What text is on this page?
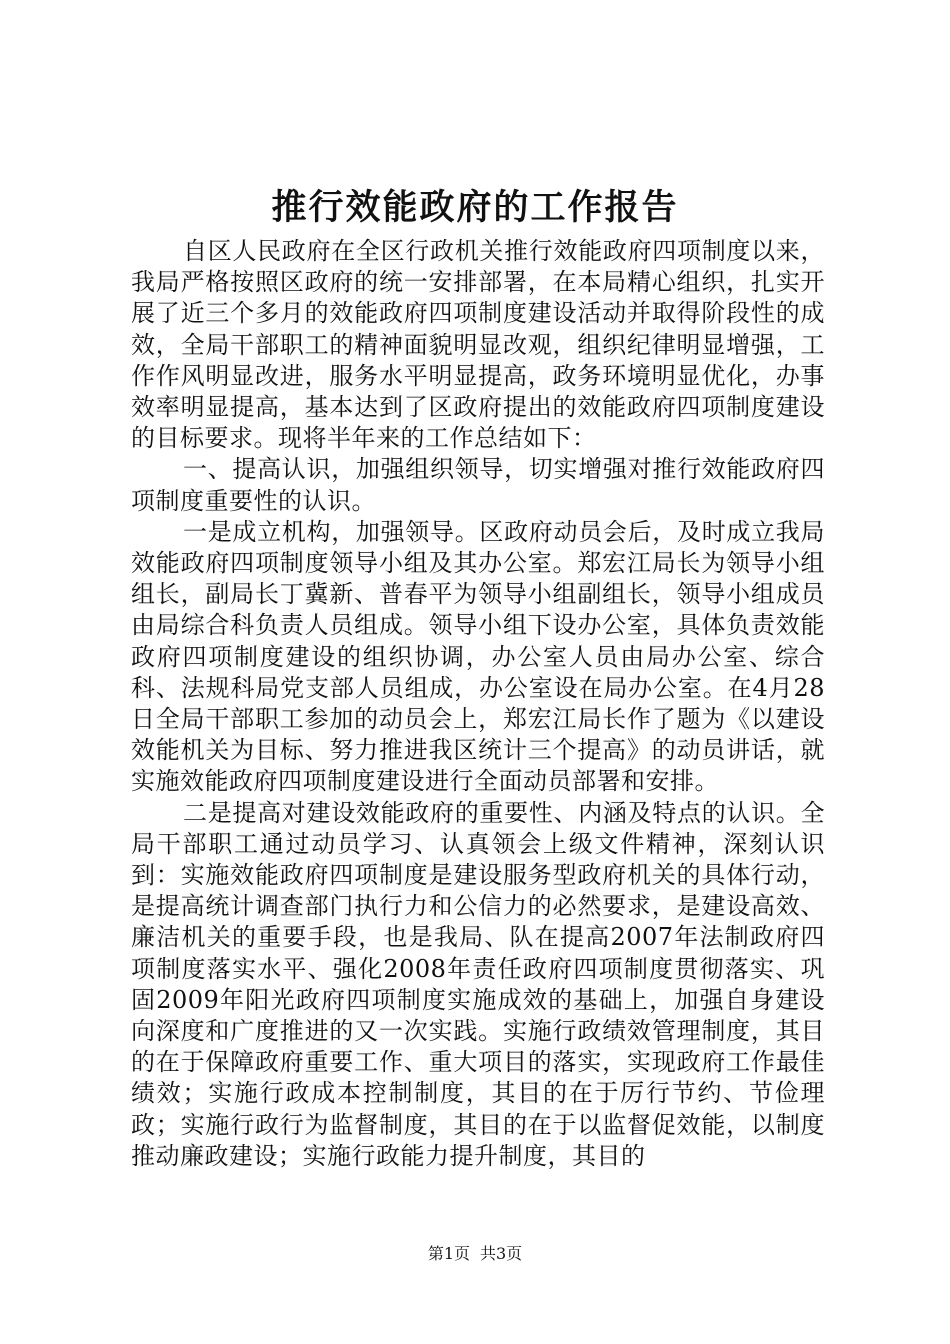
推行效能政府的工作报告

自区人民政府在全区行政机关推行效能政府四项制度以来，我局严格按照区政府的统一安排部署，在本局精心组织，扎实开展了近三个多月的效能政府四项制度建设活动并取得阶段性的成效，全局干部职工的精神面貌明显改观，组织纪律明显增强，工作作风明显改进，服务水平明显提高，政务环境明显优化，办事效率明显提高，基本达到了区政府提出的效能政府四项制度建设的目标要求。现将半年来的工作总结如下：

一、提高认识，加强组织领导，切实增强对推行效能政府四项制度重要性的认识。

一是成立机构，加强领导。区政府动员会后，及时成立我局效能政府四项制度领导小组及其办公室。郑宏江局长为领导小组组长，副局长丁冀新、普春平为领导小组副组长，领导小组成员由局综合科负责人员组成。领导小组下设办公室，具体负责效能政府四项制度建设的组织协调，办公室人员由局办公室、综合科、法规科局党支部人员组成，办公室设在局办公室。在4月28日全局干部职工参加的动员会上，郑宏江局长作了题为《以建设效能机关为目标、努力推进我区统计三个提高》的动员讲话，就实施效能政府四项制度建设进行全面动员部署和安排。

二是提高对建设效能政府的重要性、内涵及特点的认识。全局干部职工通过动员学习、认真领会上级文件精神，深刻认识到：实施效能政府四项制度是建设服务型政府机关的具体行动，是提高统计调查部门执行力和公信力的必然要求，是建设高效、廉洁机关的重要手段，也是我局、队在提高2007年法制政府四项制度落实水平、强化2008年责任政府四项制度贯彻落实、巩固2009年阳光政府四项制度实施成效的基础上，加强自身建设向深度和广度推进的又一次实践。实施行政绩效管理制度，其目的在于保障政府重要工作、重大项目的落实，实现政府工作最佳绩效；实施行政成本控制制度，其目的在于厉行节约、节俭理政；实施行政行为监督制度，其目的在于以监督促效能，以制度推动廉政建设；实施行政能力提升制度，其目的

第1页 共3页
